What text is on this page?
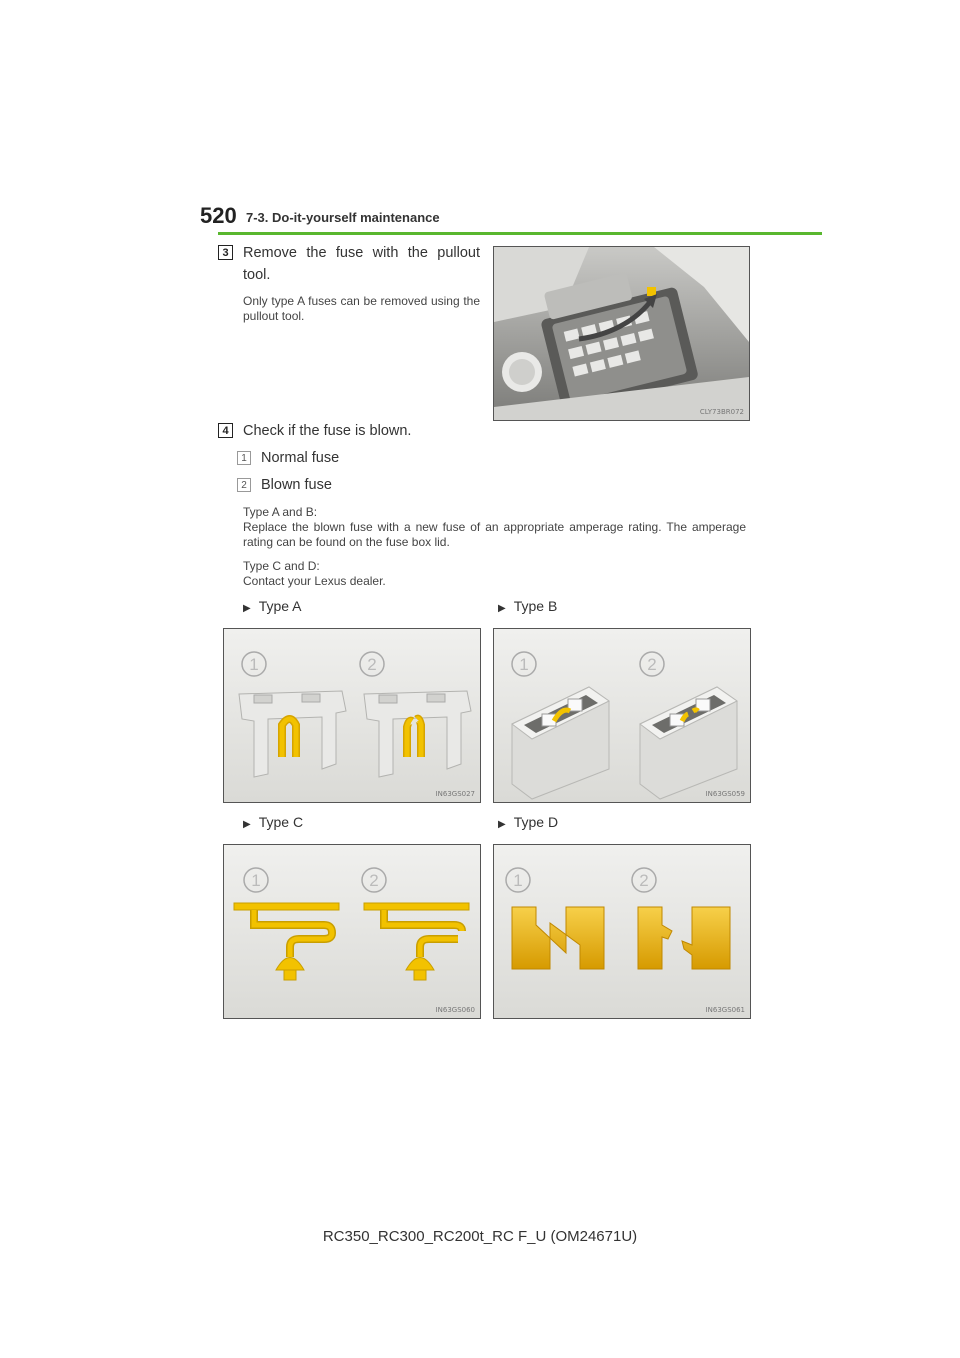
520 7-3. Do-it-yourself maintenance
3 Remove the fuse with the pullout tool.
Only type A fuses can be removed using the pullout tool.
CLY73BR072
4 Check if the fuse is blown.
1 Normal fuse
2 Blown fuse
Type A and B:
Replace the blown fuse with a new fuse of an appropriate amperage rating. The amperage rating can be found on the fuse box lid.
Type C and D:
Contact your Lexus dealer.
▶ Type A	▶ Type B
▶ Type C	▶ Type D
1	2
IN63GS027
1	2
IN63GS059
1	2
IN63GS060
1	2
IN63GS061
RC350_RC300_RC200t_RC F_U (OM24671U)
